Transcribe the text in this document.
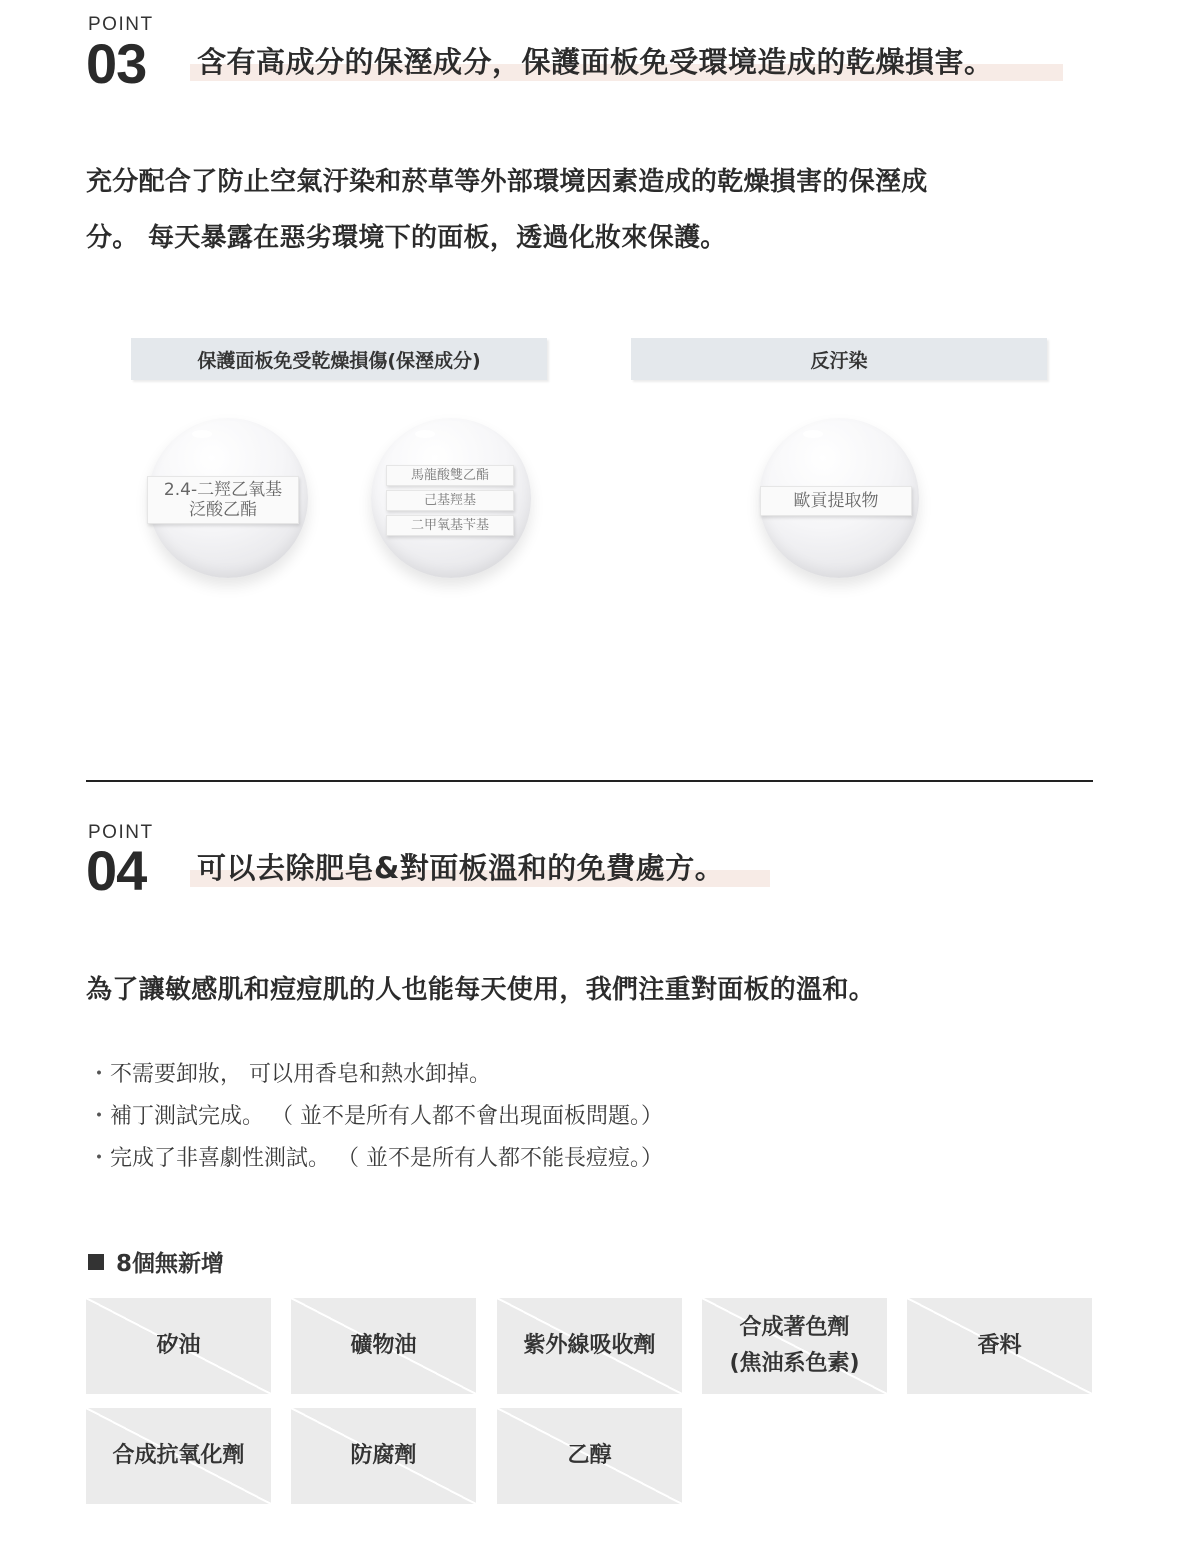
POINT
03 含有高成分的保溼成分，保護面板免受環境造成的乾燥損害。
充分配合了防止空氣汙染和菸草等外部環境因素造成的乾燥損害的保溼成
分。 每天暴露在惡劣環境下的面板，透過化妝來保護。
保護面板免受乾燥損傷(保溼成分)	反汙染
2.4-二羥乙氧基
泛酸乙酯
馬龍酸雙乙酯
己基羥基
二甲氧基苄基
歐貢提取物
POINT
04 可以去除肥皂&對面板溫和的免費處方。
為了讓敏感肌和痘痘肌的人也能每天使用，我們注重對面板的溫和。
・不需要卸妝， 可以用香皂和熱水卸掉。
・補丁測試完成。 （ 並不是所有人都不會出現面板問題。）
・完成了非喜劇性測試。 （ 並不是所有人都不能長痘痘。）
8個無新增
矽油	礦物油	紫外線吸收劑
合成著色劑
(焦油系色素)
香料
合成抗氧化劑	防腐劑	乙醇
